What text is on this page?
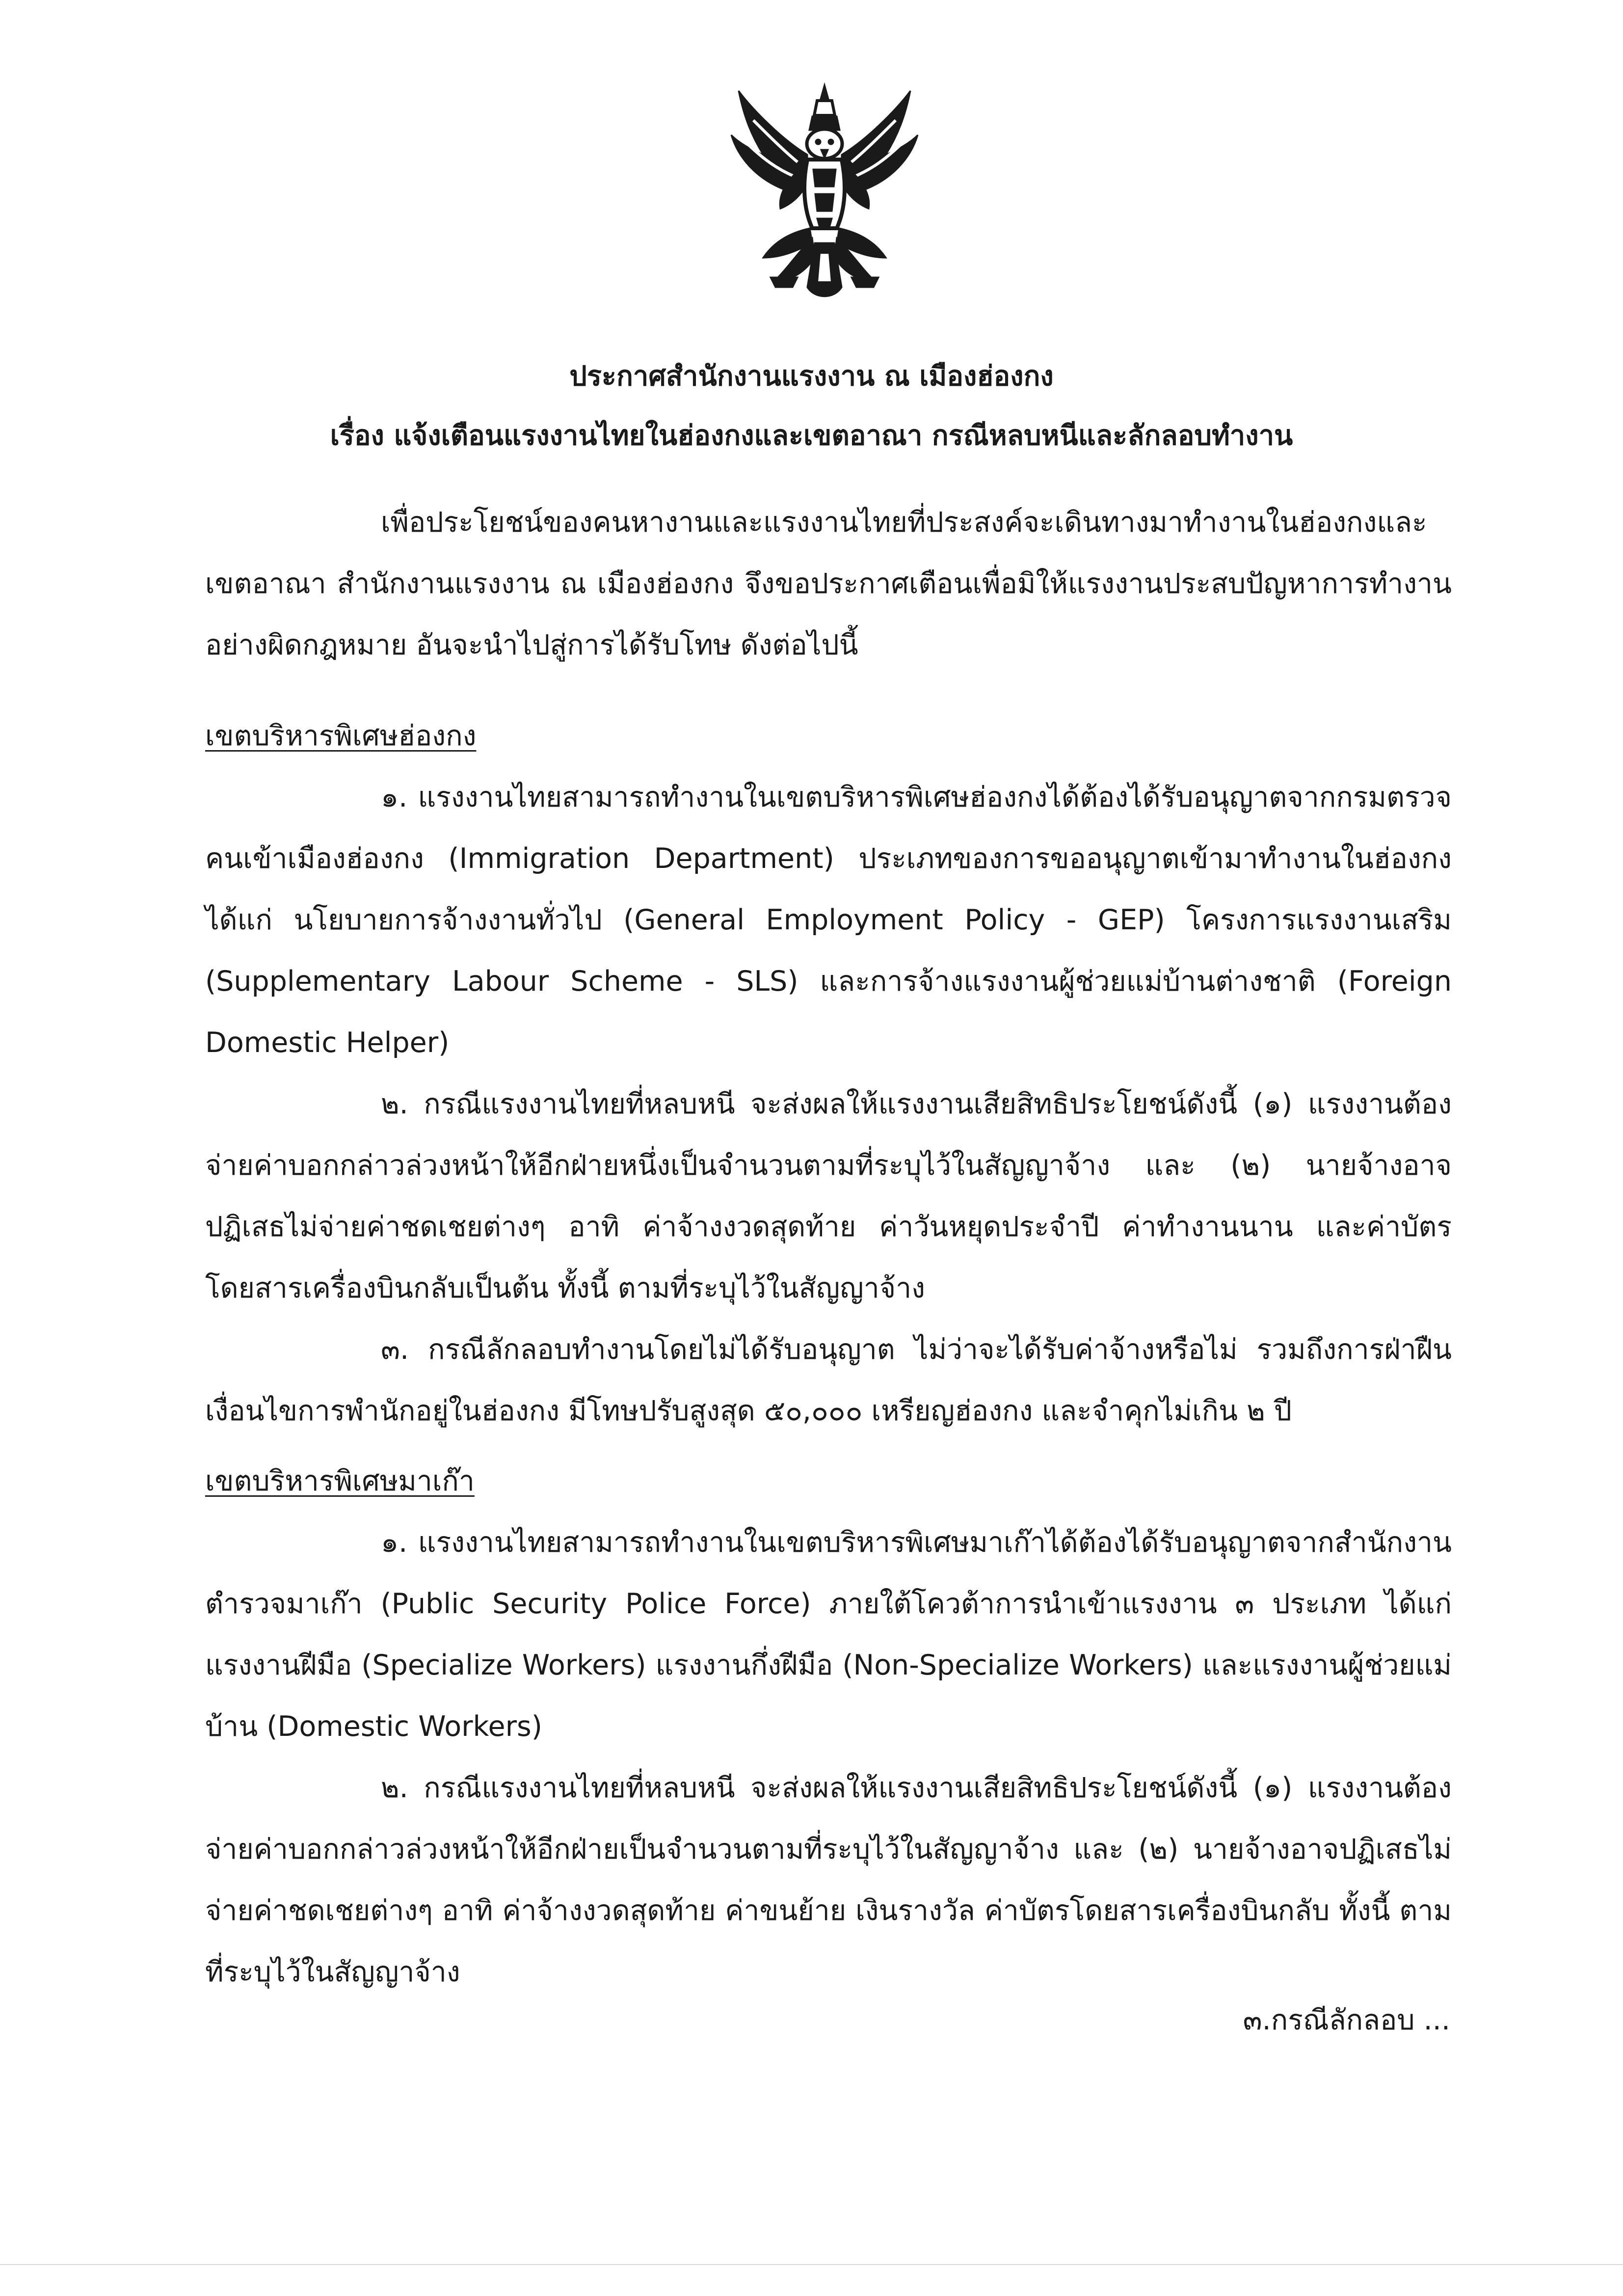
ประกาศสำนักงานแรงงาน ณ เมืองฮ่องกง
เรื่อง แจ้งเตือนแรงงานไทยในฮ่องกงและเขตอาณา กรณีหลบหนีและลักลอบทำงาน

เพื่อประโยชน์ของคนหางานและแรงงานไทยที่ประสงค์จะเดินทางมาทำงานในฮ่องกงและเขตอาณา สำนักงานแรงงาน ณ เมืองฮ่องกง จึงขอประกาศเตือนเพื่อมิให้แรงงานประสบปัญหาการทำงานอย่างผิดกฎหมาย อันจะนำไปสู่การได้รับโทษ ดังต่อไปนี้

เขตบริหารพิเศษฮ่องกง

๑. แรงงานไทยสามารถทำงานในเขตบริหารพิเศษฮ่องกงได้ต้องได้รับอนุญาตจากกรมตรวจคนเข้าเมืองฮ่องกง (Immigration Department) ประเภทของการขออนุญาตเข้ามาทำงานในฮ่องกง ได้แก่ นโยบายการจ้างงานทั่วไป (General Employment Policy - GEP) โครงการแรงงานเสริม (Supplementary Labour Scheme - SLS) และการจ้างแรงงานผู้ช่วยแม่บ้านต่างชาติ (Foreign Domestic Helper)

๒. กรณีแรงงานไทยที่หลบหนี จะส่งผลให้แรงงานเสียสิทธิประโยชน์ดังนี้ (๑) แรงงานต้องจ่ายค่าบอกกล่าวล่วงหน้าให้อีกฝ่ายหนึ่งเป็นจำนวนตามที่ระบุไว้ในสัญญาจ้าง และ (๒) นายจ้างอาจปฏิเสธไม่จ่ายค่าชดเชยต่างๆ อาทิ ค่าจ้างงวดสุดท้าย ค่าวันหยุดประจำปี ค่าทำงานนาน และค่าบัตรโดยสารเครื่องบินกลับเป็นต้น ทั้งนี้ ตามที่ระบุไว้ในสัญญาจ้าง

๓. กรณีลักลอบทำงานโดยไม่ได้รับอนุญาต ไม่ว่าจะได้รับค่าจ้างหรือไม่ รวมถึงการฝ่าฝืนเงื่อนไขการพำนักอยู่ในฮ่องกง มีโทษปรับสูงสุด ๕๐,๐๐๐ เหรียญฮ่องกง และจำคุกไม่เกิน ๒ ปี

เขตบริหารพิเศษมาเก๊า

๑. แรงงานไทยสามารถทำงานในเขตบริหารพิเศษมาเก๊าได้ต้องได้รับอนุญาตจากสำนักงานตำรวจมาเก๊า (Public Security Police Force) ภายใต้โควต้าการนำเข้าแรงงาน ๓ ประเภท ได้แก่ แรงงานฝีมือ (Specialize Workers) แรงงานกึ่งฝีมือ (Non-Specialize Workers) และแรงงานผู้ช่วยแม่บ้าน (Domestic Workers)

๒. กรณีแรงงานไทยที่หลบหนี จะส่งผลให้แรงงานเสียสิทธิประโยชน์ดังนี้ (๑) แรงงานต้องจ่ายค่าบอกกล่าวล่วงหน้าให้อีกฝ่ายเป็นจำนวนตามที่ระบุไว้ในสัญญาจ้าง และ (๒) นายจ้างอาจปฏิเสธไม่จ่ายค่าชดเชยต่างๆ อาทิ ค่าจ้างงวดสุดท้าย ค่าขนย้าย เงินรางวัล ค่าบัตรโดยสารเครื่องบินกลับ ทั้งนี้ ตามที่ระบุไว้ในสัญญาจ้าง

๓.กรณีลักลอบ ...
